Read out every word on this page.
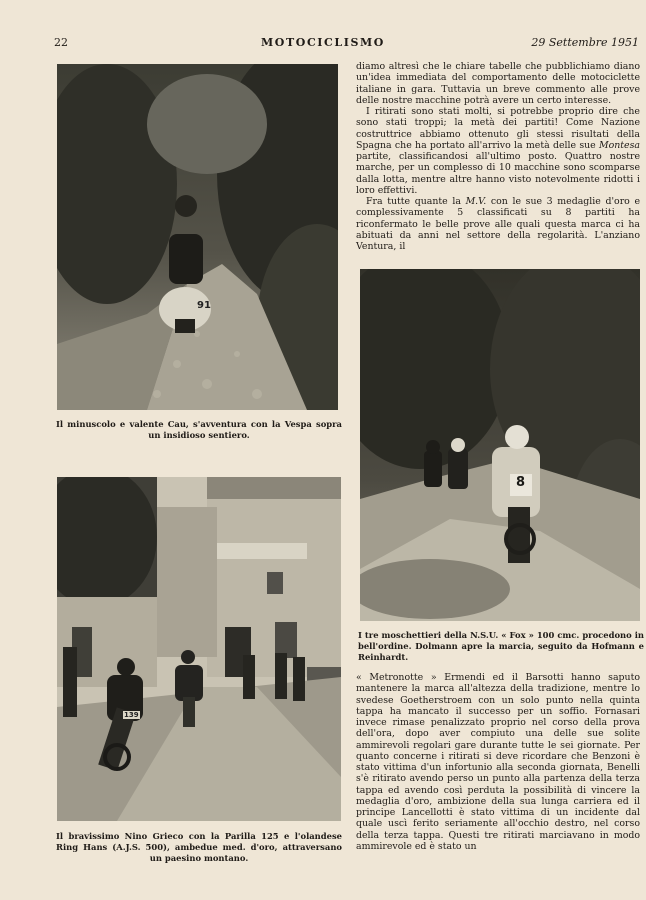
22	MOTOCICLISMO	29 Settembre 1951
91
Il minuscolo e valente Cau, s'avventura con la Vespa sopra un insidioso sentiero.
139
Il bravissimo Nino Grieco con la Parilla 125 e l'olandese Ring Hans (A.J.S. 500), ambedue med. d'oro, attraversano un paesino montano.
8
I tre moschettieri della N.S.U. « Fox » 100 cmc. procedono in bell'ordine. Dolmann apre la marcia, seguito da Hofmann e Reinhardt.

diamo altresì che le chiare tabelle che pubblichiamo diano un'idea immediata del comportamento delle motociclette italiane in gara. Tuttavia un breve commento alle prove delle nostre macchine potrà avere un certo interesse.

I ritirati sono stati molti, si potrebbe proprio dire che sono stati troppi; la metà dei partiti! Come Nazione costruttrice abbiamo ottenuto gli stessi risultati della Spagna che ha portato all'arrivo la metà delle sue Montesa partite, classificandosi all'ultimo posto. Quattro nostre marche, per un complesso di 10 macchine sono scomparse dalla lotta, mentre altre hanno visto notevolmente ridotti i loro effettivi.

Fra tutte quante la M.V. con le sue 3 medaglie d'oro e complessivamente 5 classificati su 8 partiti ha riconfermato le belle prove alle quali questa marca ci ha abituati da anni nel settore della regolarità. L'anziano Ventura, il

« Metronotte » Ermendi ed il Barsotti hanno saputo mantenere la marca all'altezza della tradizione, mentre lo svedese Goetherstroem con un solo punto nella quinta tappa ha mancato il successo per un soffio. Fornasari invece rimase penalizzato proprio nel corso della prova dell'ora, dopo aver compiuto una delle sue solite ammirevoli regolari gare durante tutte le sei giornate. Per quanto concerne i ritirati si deve ricordare che Benzoni è stato vittima d'un infortunio alla seconda giornata, Benelli s'è ritirato avendo perso un punto alla partenza della terza tappa ed avendo così perduta la possibilità di vincere la medaglia d'oro, ambizione della sua lunga carriera ed il principe Lancellotti è stato vittima di un incidente dal quale uscì ferito seriamente all'occhio destro, nel corso della terza tappa. Questi tre ritirati marciavano in modo ammirevole ed è stato un
